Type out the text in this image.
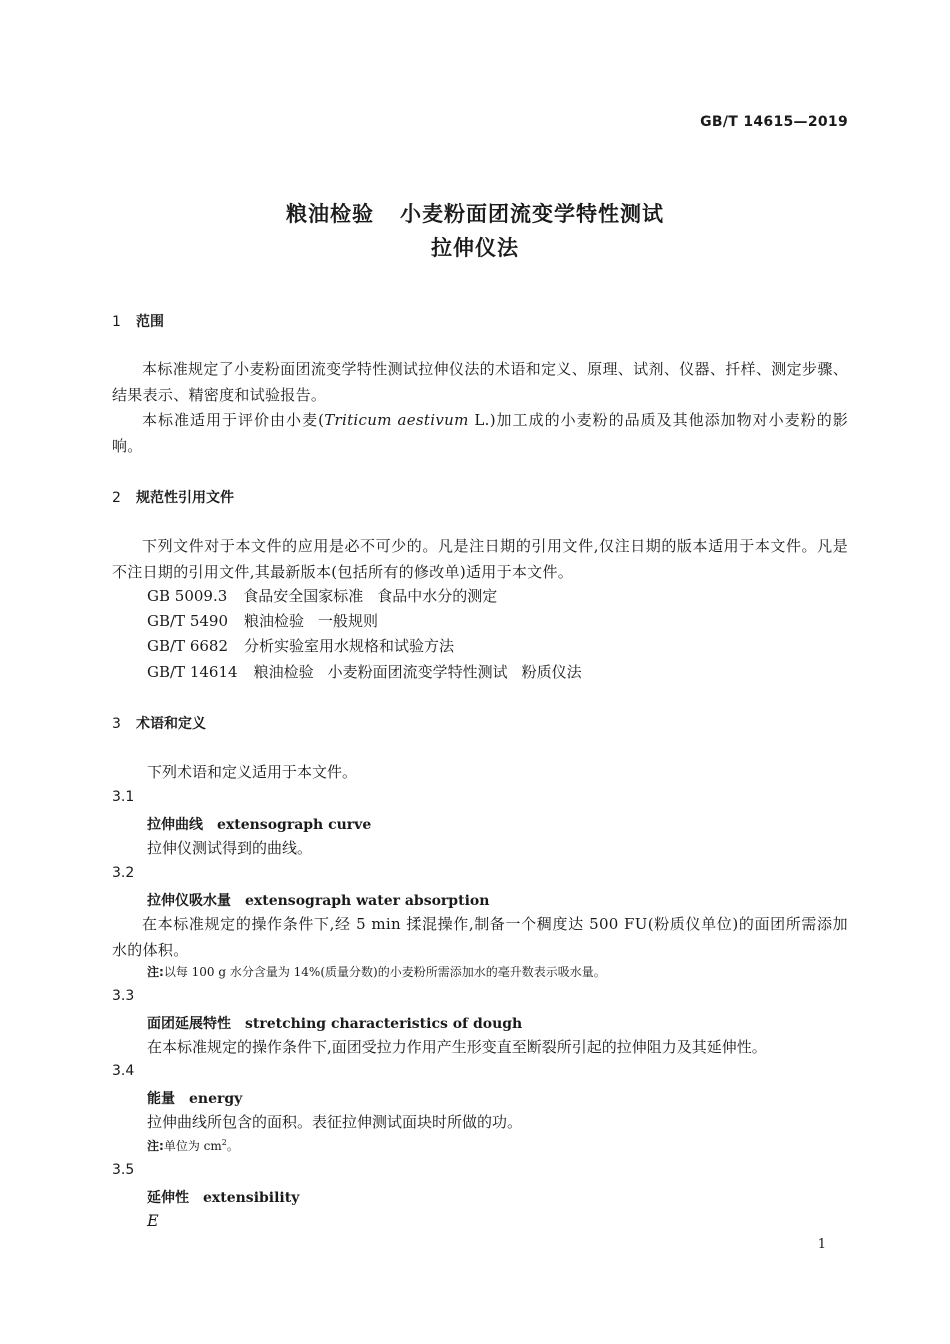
GB/T 14615—2019
粮油检验 小麦粉面团流变学特性测试
拉伸仪法
1 范围
本标准规定了小麦粉面团流变学特性测试拉伸仪法的术语和定义、原理、试剂、仪器、扦样、测定步骤、结果表示、精密度和试验报告。
本标准适用于评价由小麦(Triticum aestivum L.)加工成的小麦粉的品质及其他添加物对小麦粉的影响。
2 规范性引用文件
下列文件对于本文件的应用是必不可少的。凡是注日期的引用文件,仅注日期的版本适用于本文件。凡是不注日期的引用文件,其最新版本(包括所有的修改单)适用于本文件。
GB 5009.3 食品安全国家标准 食品中水分的测定
GB/T 5490 粮油检验 一般规则
GB/T 6682 分析实验室用水规格和试验方法
GB/T 14614 粮油检验 小麦粉面团流变学特性测试 粉质仪法
3 术语和定义
下列术语和定义适用于本文件。
3.1
拉伸曲线 extensograph curve
拉伸仪测试得到的曲线。
3.2
拉伸仪吸水量 extensograph water absorption
在本标准规定的操作条件下,经 5 min 揉混操作,制备一个稠度达 500 FU(粉质仪单位)的面团所需添加水的体积。
注:以每 100 g 水分含量为 14%(质量分数)的小麦粉所需添加水的毫升数表示吸水量。
3.3
面团延展特性 stretching characteristics of dough
在本标准规定的操作条件下,面团受拉力作用产生形变直至断裂所引起的拉伸阻力及其延伸性。
3.4
能量 energy
拉伸曲线所包含的面积。表征拉伸测试面块时所做的功。
注:单位为 $cm^2$。
3.5
延伸性 extensibility
E
1
